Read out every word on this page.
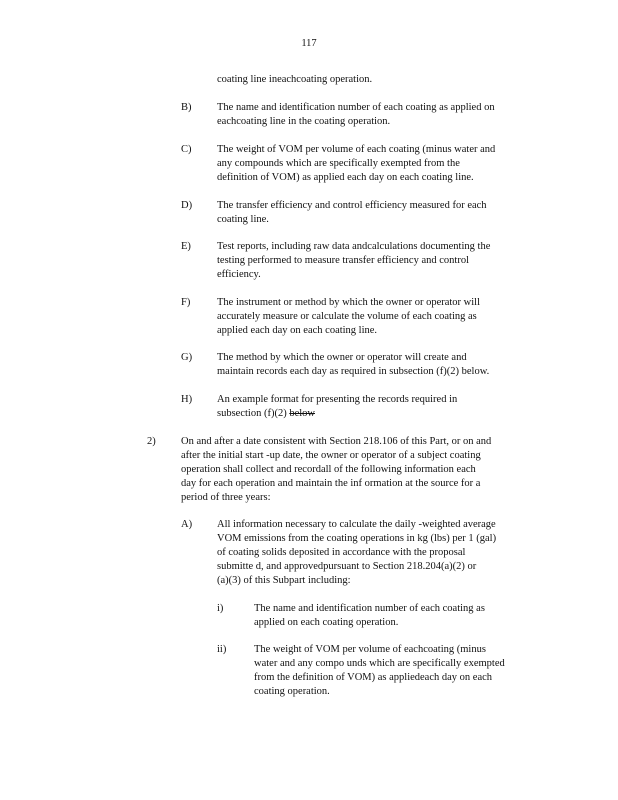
117
coating line ineachcoating operation.
B) The name and identification number of each coating as applied on
eachcoating line in the coating operation.
C) The weight of VOM per volume of each coating (minus water and
any compounds which are specifically exempted from the
definition of VOM) as applied each day on each coating line.
D) The transfer efficiency and control efficiency measured for each
coating line.
E) Test reports, including raw data andcalculations documenting the
testing performed to measure transfer efficiency and control
efficiency.
F)	The instrument or method by which the owner or operator will
accurately measure or calculate the volume of each coating as
applied each day on each coating line.
G) The method by which the owner or operator will create and
maintain records each day as required in subsection (f)(2) below.
H) An example format for presenting the records required in
subsection (f)(2) below
2) On and after a date consistent with Section 218.106 of this Part, or on and
after the initial start -up date, the owner or operator of a subject coating
operation shall collect and recordall of the following information each
day for each operation and maintain the inf ormation at the source for a
period of three years:
A) All information necessary to calculate the daily -weighted average
VOM emissions from the coating operations in kg (lbs) per 1 (gal)
of coating solids deposited in accordance with the proposal
submitte d, and approvedpursuant to Section 218.204(a)(2) or
(a)(3) of this Subpart including:
i)	The name and identification number of each coating as
applied on each coating operation.
ii)	The weight of VOM per volume of eachcoating (minus
water and any compo unds which are specifically exempted
from the definition of VOM) as appliedeach day on each
coating operation.
